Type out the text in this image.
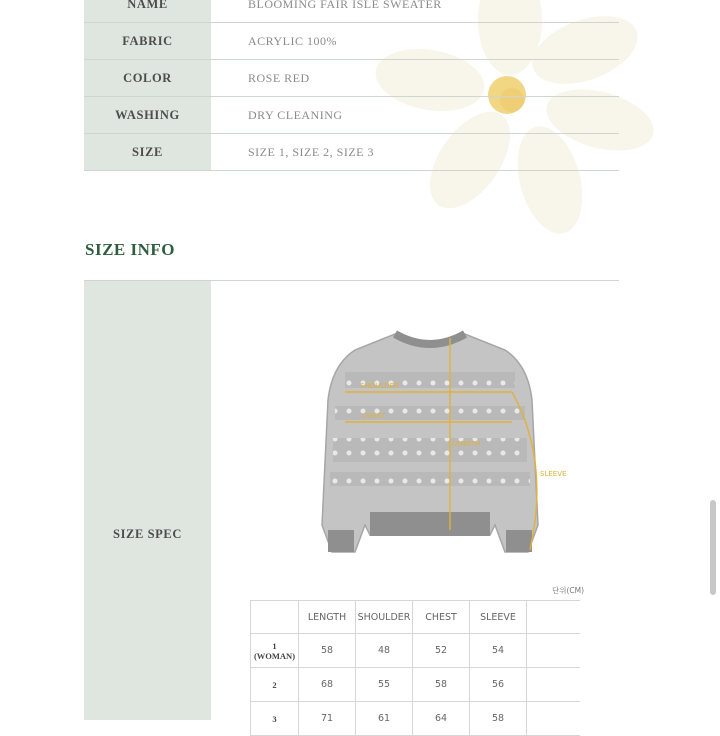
NAME	BLOOMING FAIR ISLE SWEATER
FABRIC	ACRYLIC 100%
COLOR	ROSE RED
WASHING	DRY CLEANING
SIZE	SIZE 1, SIZE 2, SIZE 3
SIZE INFO
SIZE SPEC
SHOULDER
CHEST
LENGTH
SLEEVE
단위(CM)
	LENGTH	SHOULDER	CHEST	SLEEVE	
1
(WOMAN)	58	48	52	54	
2	68	55	58	56	
3	71	61	64	58	
